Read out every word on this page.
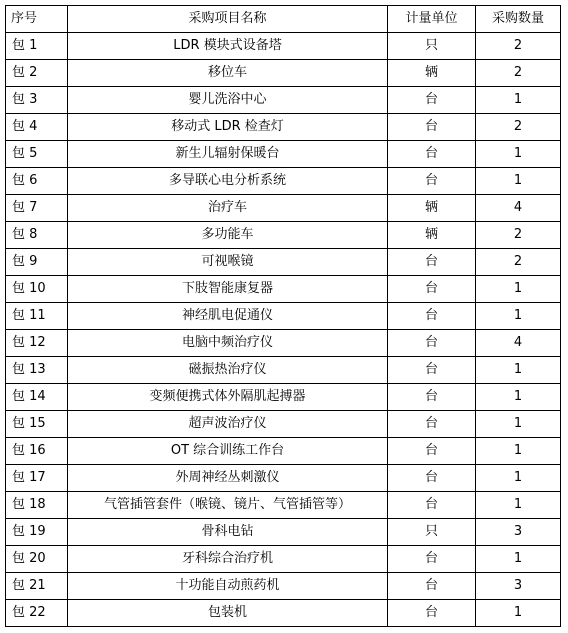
序号	采购项目名称	计量单位	采购数量
包 1	LDR 模块式设备塔	只	2
包 2	移位车	辆	2
包 3	婴儿洗浴中心	台	1
包 4	移动式 LDR 检查灯	台	2
包 5	新生儿辐射保暖台	台	1
包 6	多导联心电分析系统	台	1
包 7	治疗车	辆	4
包 8	多功能车	辆	2
包 9	可视喉镜	台	2
包 10	下肢智能康复器	台	1
包 11	神经肌电促通仪	台	1
包 12	电脑中频治疗仪	台	4
包 13	磁振热治疗仪	台	1
包 14	变频便携式体外隔肌起搏器	台	1
包 15	超声波治疗仪	台	1
包 16	OT 综合训练工作台	台	1
包 17	外周神经丛刺激仪	台	1
包 18	气管插管套件（喉镜、镜片、气管插管等）	台	1
包 19	骨科电钻	只	3
包 20	牙科综合治疗机	台	1
包 21	十功能自动煎药机	台	3
包 22	包装机	台	1
